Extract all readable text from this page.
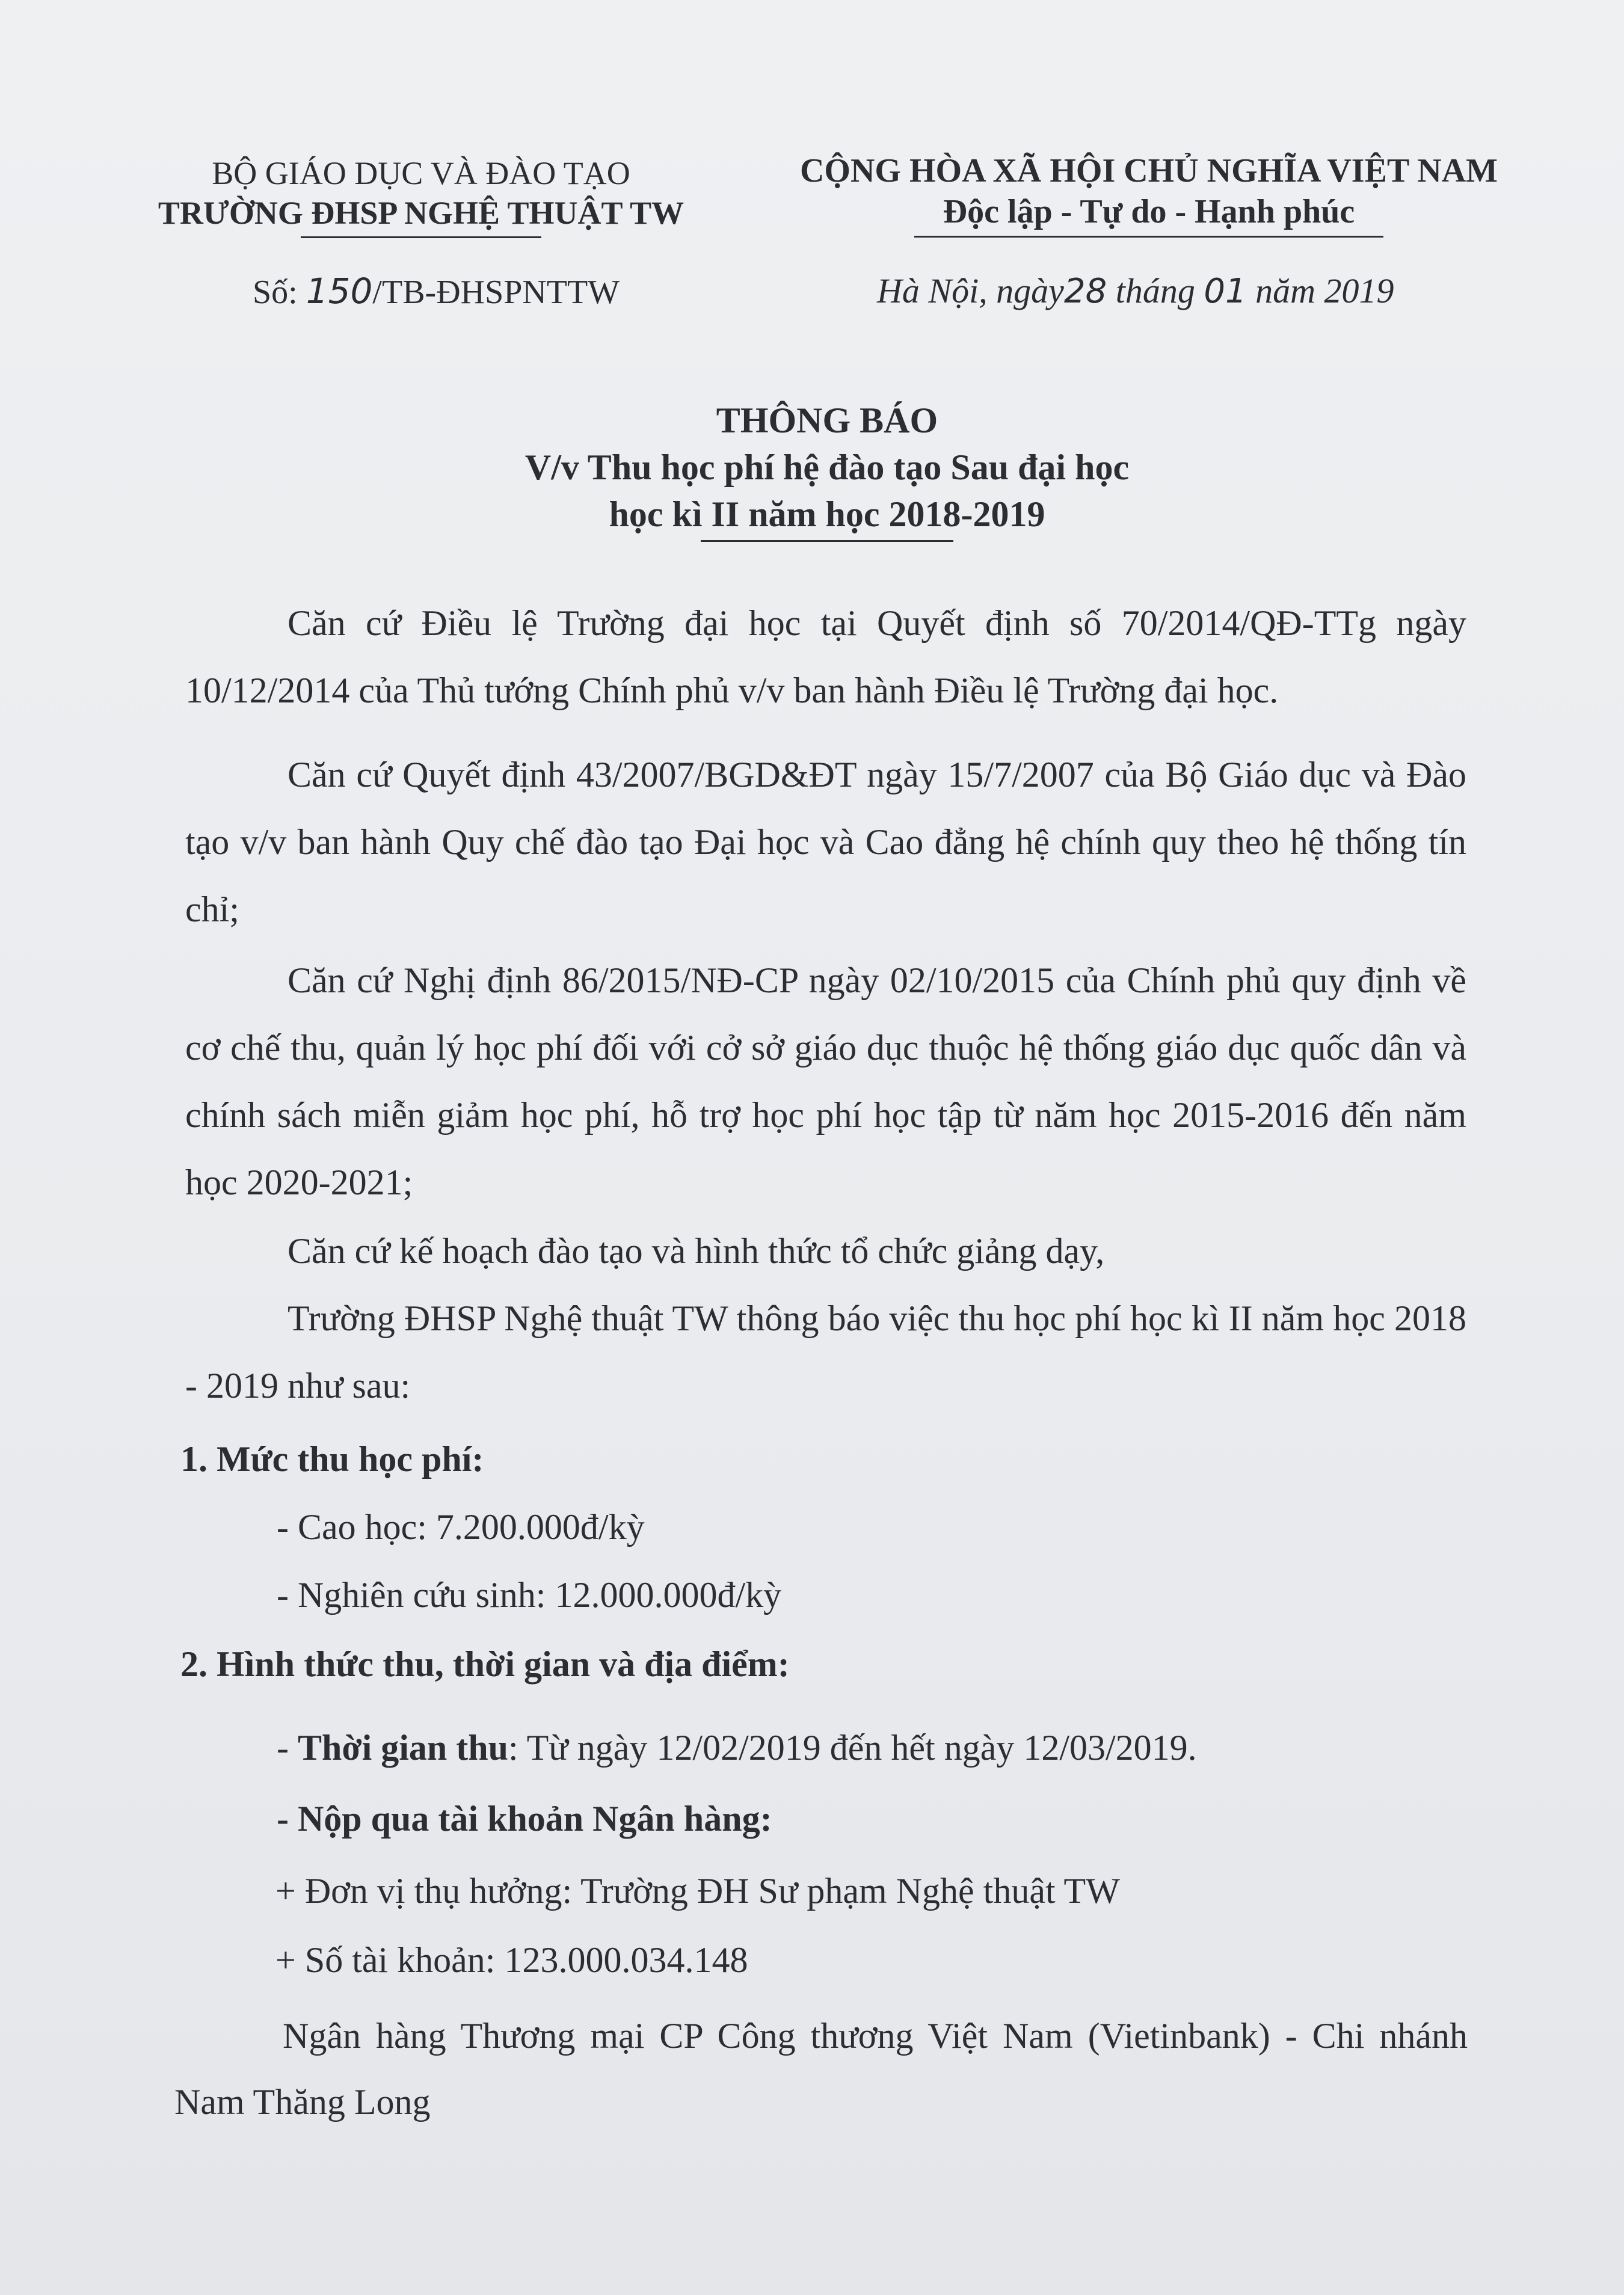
BỘ GIÁO DỤC VÀ ĐÀO TẠO
TRƯỜNG ĐHSP NGHỆ THUẬT TW
CỘNG HÒA XÃ HỘI CHỦ NGHĨA VIỆT NAM
Độc lập - Tự do - Hạnh phúc
Số: 150/TB-ĐHSPNTTW	Hà Nội, ngày28 tháng 01 năm 2019
THÔNG BÁO
V/v Thu học phí hệ đào tạo Sau đại học
học kì II năm học 2018-2019
Căn cứ Điều lệ Trường đại học tại Quyết định số 70/2014/QĐ-TTg ngày 10/12/2014 của Thủ tướng Chính phủ v/v ban hành Điều lệ Trường đại học.
Căn cứ Quyết định 43/2007/BGD&ĐT ngày 15/7/2007 của Bộ Giáo dục và Đào tạo v/v ban hành Quy chế đào tạo Đại học và Cao đẳng hệ chính quy theo hệ thống tín chỉ;
Căn cứ Nghị định 86/2015/NĐ-CP ngày 02/10/2015 của Chính phủ quy định về cơ chế thu, quản lý học phí đối với cở sở giáo dục thuộc hệ thống giáo dục quốc dân và chính sách miễn giảm học phí, hỗ trợ học phí học tập từ năm học 2015-2016 đến năm học 2020-2021;
Căn cứ kế hoạch đào tạo và hình thức tổ chức giảng dạy,
Trường ĐHSP Nghệ thuật TW thông báo việc thu học phí học kì II năm học 2018 - 2019 như sau:
1. Mức thu học phí:
- Cao học: 7.200.000đ/kỳ
- Nghiên cứu sinh: 12.000.000đ/kỳ
2. Hình thức thu, thời gian và địa điểm:
- Thời gian thu: Từ ngày 12/02/2019 đến hết ngày 12/03/2019.
- Nộp qua tài khoản Ngân hàng:
+ Đơn vị thụ hưởng: Trường ĐH Sư phạm Nghệ thuật TW
+ Số tài khoản: 123.000.034.148
Ngân hàng Thương mại CP Công thương Việt Nam (Vietinbank) - Chi nhánh Nam Thăng Long
